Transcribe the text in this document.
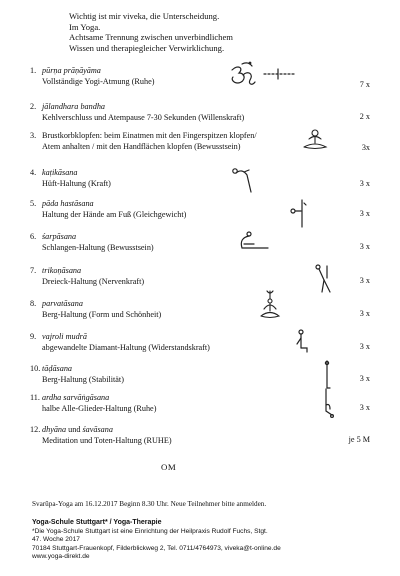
Wichtig ist mir viveka, die Unterscheidung.
Im Yoga.
Achtsame Trennung zwischen unverbindlichem
Wissen und therapiegleicher Verwirklichung.
1. pūrṇa prāṇāyāma
Vollständige Yogi-Atmung (Ruhe)	7 x
2. jālandhara bandha
Kehlverschluss und Atempause 7-30 Sekunden (Willenskraft)	2 x
3. Brustkorbklopfen: beim Einatmen mit den Fingerspitzen klopfen/
Atem anhalten / mit den Handflächen klopfen (Bewusstsein)	3x
4. kaṭikāsana
Hüft-Haltung (Kraft)	3 x
5. pāda hastāsana
Haltung der Hände am Fuß (Gleichgewicht)	3 x
6. śarpāsana
Schlangen-Haltung (Bewusstsein)	3 x
7. trikoṇāsana
Dreieck-Haltung (Nervenkraft)	3 x
8. parvatāsana
Berg-Haltung (Form und Schönheit)	3 x
9. vajroli mudrā
abgewandelte Diamant-Haltung (Widerstandskraft)	3 x
10. tāḍāsana
Berg-Haltung (Stabilität)	3 x
11. ardha sarvāṅgāsana
halbe Alle-Glieder-Haltung (Ruhe)	3 x
12. dhyāna und śavāsana
Meditation und Toten-Haltung (RUHE)	je 5 M
OM
Svarūpa-Yoga am 16.12.2017 Beginn 8.30 Uhr. Neue Teilnehmer bitte anmelden.
Yoga-Schule Stuttgart* / Yoga-Therapie
*Die Yoga-Schule Stuttgart ist eine Einrichtung der Heilpraxis Rudolf Fuchs, Stgt.
47. Woche 2017
70184 Stuttgart-Frauenkopf, Filderblickweg 2, Tel. 0711/4764973, viveka@t-online.de
www.yoga-direkt.de
